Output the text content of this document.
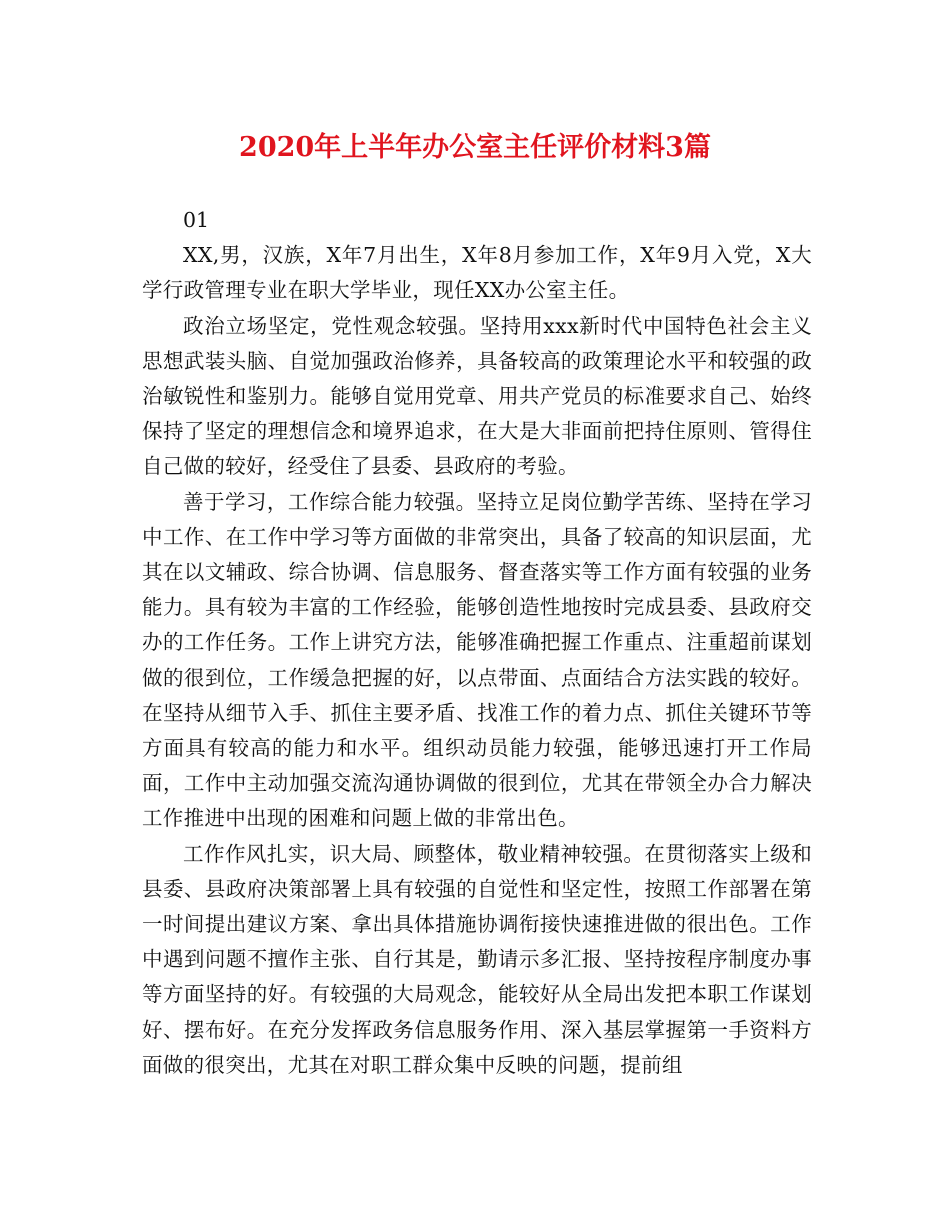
2020年上半年办公室主任评价材料3篇

01

XX,男，汉族，X年7月出生，X年8月参加工作，X年9月入党，X大学行政管理专业在职大学毕业，现任XX办公室主任。

政治立场坚定，党性观念较强。坚持用xxx新时代中国特色社会主义思想武装头脑、自觉加强政治修养，具备较高的政策理论水平和较强的政治敏锐性和鉴别力。能够自觉用党章、用共产党员的标准要求自己、始终保持了坚定的理想信念和境界追求，在大是大非面前把持住原则、管得住自己做的较好，经受住了县委、县政府的考验。

善于学习，工作综合能力较强。坚持立足岗位勤学苦练、坚持在学习中工作、在工作中学习等方面做的非常突出，具备了较高的知识层面，尤其在以文辅政、综合协调、信息服务、督查落实等工作方面有较强的业务能力。具有较为丰富的工作经验，能够创造性地按时完成县委、县政府交办的工作任务。工作上讲究方法，能够准确把握工作重点、注重超前谋划做的很到位，工作缓急把握的好，以点带面、点面结合方法实践的较好。在坚持从细节入手、抓住主要矛盾、找准工作的着力点、抓住关键环节等方面具有较高的能力和水平。组织动员能力较强，能够迅速打开工作局面，工作中主动加强交流沟通协调做的很到位，尤其在带领全办合力解决工作推进中出现的困难和问题上做的非常出色。

工作作风扎实，识大局、顾整体，敬业精神较强。在贯彻落实上级和县委、县政府决策部署上具有较强的自觉性和坚定性，按照工作部署在第一时间提出建议方案、拿出具体措施协调衔接快速推进做的很出色。工作中遇到问题不擅作主张、自行其是，勤请示多汇报、坚持按程序制度办事等方面坚持的好。有较强的大局观念，能较好从全局出发把本职工作谋划好、摆布好。在充分发挥政务信息服务作用、深入基层掌握第一手资料方面做的很突出，尤其在对职工群众集中反映的问题，提前组
